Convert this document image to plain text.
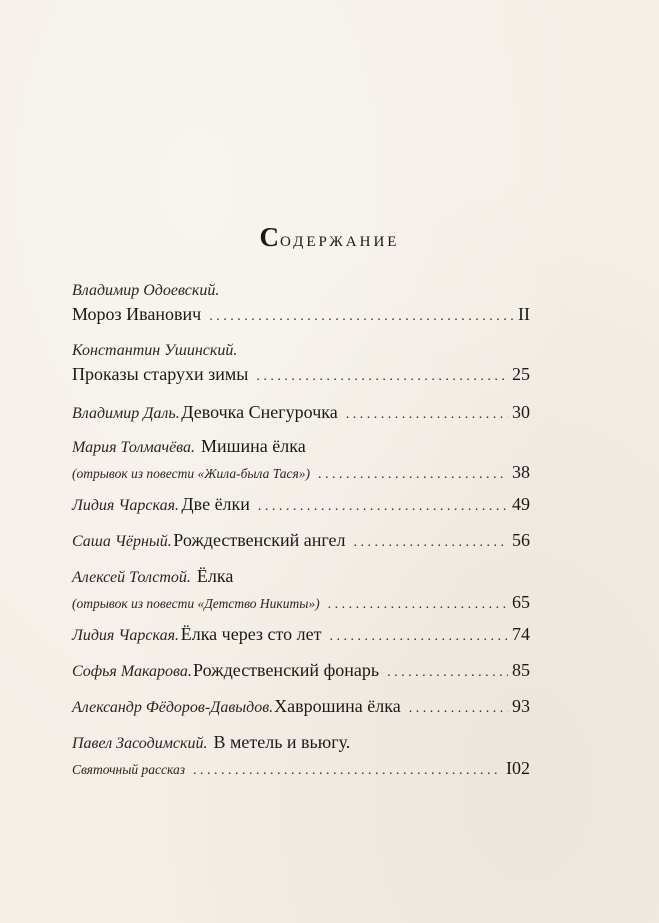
Содержание
Владимир Одоевский.
Мороз Иванович . . .	II
Константин Ушинский.
Проказы старухи зимы . . .	25
Владимир Даль. Девочка Снегурочка . . .	30
Мария Толмачёва. Мишина ёлка
(отрывок из повести «Жила-была Тася») . . .	38
Лидия Чарская. Две ёлки . . .	49
Саша Чёрный. Рождественский ангел . . .	56
Алексей Толстой. Ёлка
(отрывок из повести «Детство Никиты») . . .	65
Лидия Чарская. Ёлка через сто лет . . .	74
Софья Макарова. Рождественский фонарь . . .	85
Александр Фёдоров-Давыдов. Хаврошина ёлка . . .	93
Павел Засодимский. В метель и вьюгу.
Святочный рассказ . . .	I02
